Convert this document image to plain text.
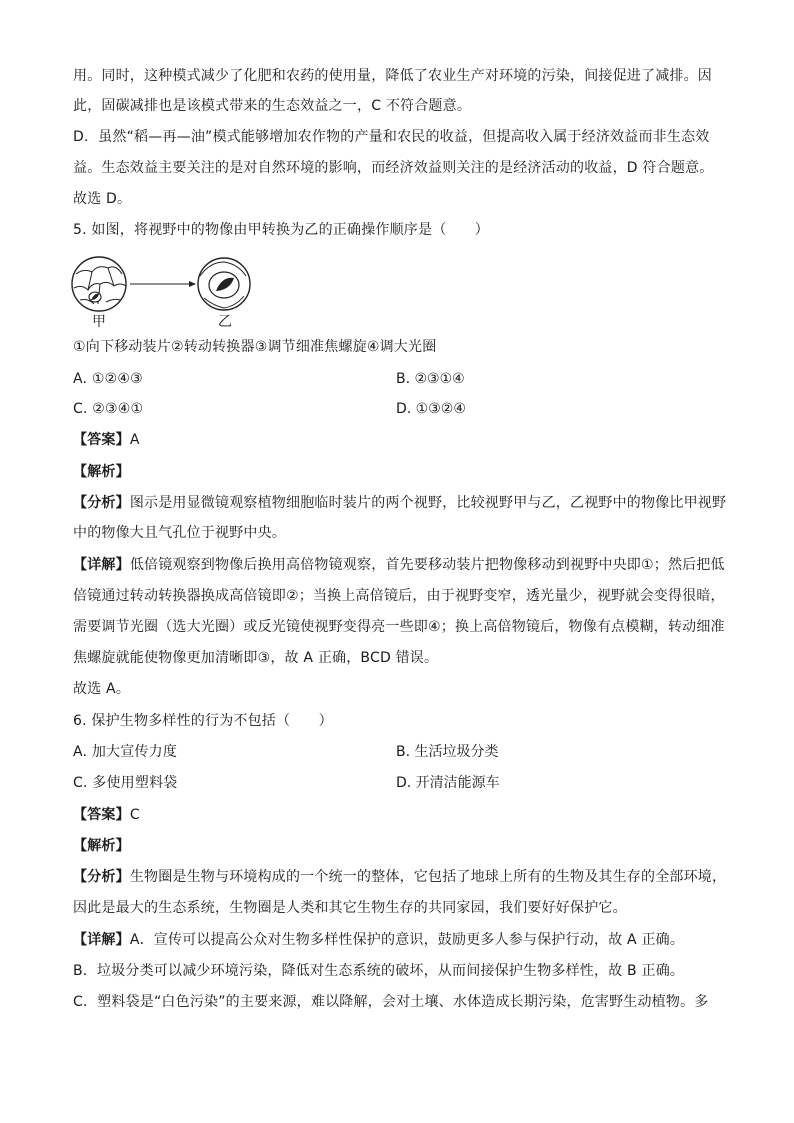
用。同时，这种模式减少了化肥和农药的使用量，降低了农业生产对环境的污染，间接促进了减排。因
此，固碳减排也是该模式带来的生态效益之一，C 不符合题意。
D．虽然“稻—再—油”模式能够增加农作物的产量和农民的收益，但提高收入属于经济效益而非生态效
益。生态效益主要关注的是对自然环境的影响，而经济效益则关注的是经济活动的收益，D 符合题意。
故选 D。
5. 如图，将视野中的物像由甲转换为乙的正确操作顺序是（　　）
甲	乙
①向下移动装片②转动转换器③调节细准焦螺旋④调大光圈
A. ①②④③	B. ②③①④
C. ②③④①	D. ①③②④
【答案】A
【解析】
【分析】图示是用显微镜观察植物细胞临时装片的两个视野，比较视野甲与乙，乙视野中的物像比甲视野
中的物像大且气孔位于视野中央。
【详解】低倍镜观察到物像后换用高倍物镜观察，首先要移动装片把物像移动到视野中央即①；然后把低
倍镜通过转动转换器换成高倍镜即②；当换上高倍镜后，由于视野变窄，透光量少，视野就会变得很暗，
需要调节光圈（选大光圈）或反光镜使视野变得亮一些即④；换上高倍物镜后，物像有点模糊，转动细准
焦螺旋就能使物像更加清晰即③，故 A 正确，BCD 错误。
故选 A。
6. 保护生物多样性的行为不包括（　　）
A. 加大宣传力度	B. 生活垃圾分类
C. 多使用塑料袋	D. 开清洁能源车
【答案】C
【解析】
【分析】生物圈是生物与环境构成的一个统一的整体，它包括了地球上所有的生物及其生存的全部环境，
因此是最大的生态系统，生物圈是人类和其它生物生存的共同家园，我们要好好保护它。
【详解】A．宣传可以提高公众对生物多样性保护的意识，鼓励更多人参与保护行动，故 A 正确。
B．垃圾分类可以减少环境污染，降低对生态系统的破坏，从而间接保护生物多样性，故 B 正确。
C．塑料袋是“白色污染”的主要来源，难以降解，会对土壤、水体造成长期污染，危害野生动植物。多
